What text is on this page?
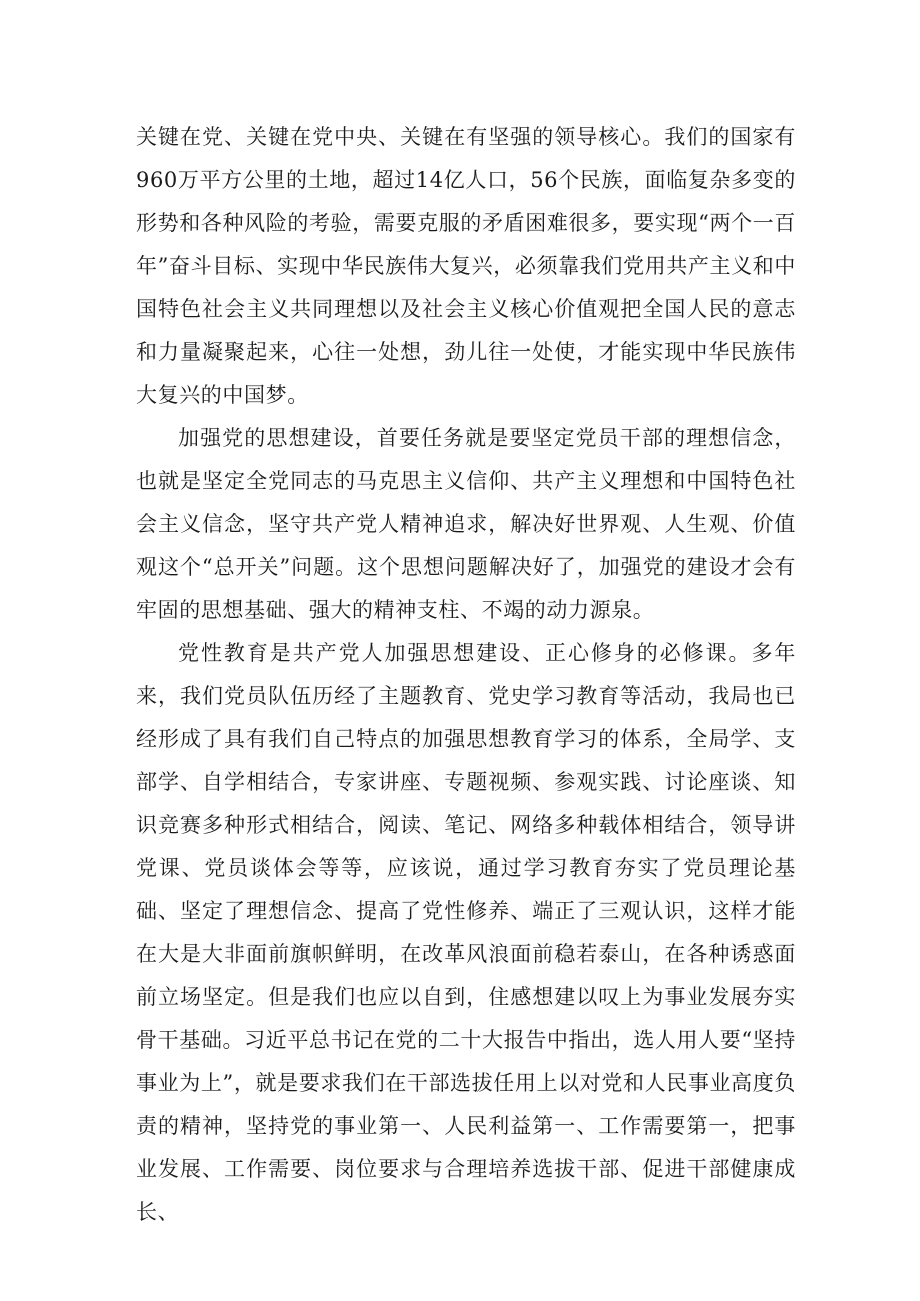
关键在党、关键在党中央、关键在有坚强的领导核心。我们的国家有960万平方公里的土地，超过14亿人口，56个民族，面临复杂多变的形势和各种风险的考验，需要克服的矛盾困难很多，要实现“两个一百年”奋斗目标、实现中华民族伟大复兴，必须靠我们党用共产主义和中国特色社会主义共同理想以及社会主义核心价值观把全国人民的意志和力量凝聚起来，心往一处想，劲儿往一处使，才能实现中华民族伟大复兴的中国梦。

加强党的思想建设，首要任务就是要坚定党员干部的理想信念，也就是坚定全党同志的马克思主义信仰、共产主义理想和中国特色社会主义信念，坚守共产党人精神追求，解决好世界观、人生观、价值观这个“总开关”问题。这个思想问题解决好了，加强党的建设才会有牢固的思想基础、强大的精神支柱、不竭的动力源泉。

党性教育是共产党人加强思想建设、正心修身的必修课。多年来，我们党员队伍历经了主题教育、党史学习教育等活动，我局也已经形成了具有我们自己特点的加强思想教育学习的体系，全局学、支部学、自学相结合，专家讲座、专题视频、参观实践、讨论座谈、知识竞赛多种形式相结合，阅读、笔记、网络多种载体相结合，领导讲党课、党员谈体会等等，应该说，通过学习教育夯实了党员理论基础、坚定了理想信念、提高了党性修养、端正了三观认识，这样才能在大是大非面前旗帜鲜明，在改革风浪面前稳若泰山，在各种诱惑面前立场坚定。但是我们也应以自到，住感想建以叹上为事业发展夯实骨干基础。习近平总书记在党的二十大报告中指出，选人用人要“坚持事业为上”，就是要求我们在干部选拔任用上以对党和人民事业高度负责的精神，坚持党的事业第一、人民利益第一、工作需要第一，把事业发展、工作需要、岗位要求与合理培养选拔干部、促进干部健康成长、
